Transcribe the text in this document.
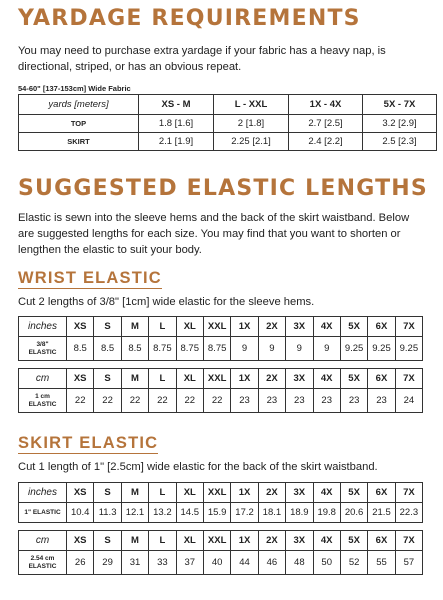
YARDAGE REQUIREMENTS

You may need to purchase extra yardage if your fabric has a heavy nap, is directional, striped, or has an obvious repeat.

54-60" [137-153cm] Wide Fabric

yards [meters]	XS - M	L - XXL	1X - 4X	5X - 7X
TOP	1.8 [1.6]	2 [1.8]	2.7 [2.5]	3.2 [2.9]
SKIRT	2.1 [1.9]	2.25 [2.1]	2.4 [2.2]	2.5 [2.3]
SUGGESTED ELASTIC LENGTHS

Elastic is sewn into the sleeve hems and the back of the skirt waistband. Below are suggested lengths for each size. You may find that you want to shorten or lengthen the elastic to suit your body.

WRIST ELASTIC

Cut 2 lengths of 3/8" [1cm] wide elastic for the sleeve hems.

inches	XS	S	M	L	XL	XXL	1X	2X	3X	4X	5X	6X	7X
3/8"
ELASTIC	8.5	8.5	8.5	8.75	8.75	8.75	9	9	9	9	9.25	9.25	9.25
cm	XS	S	M	L	XL	XXL	1X	2X	3X	4X	5X	6X	7X
1 cm
ELASTIC	22	22	22	22	22	22	23	23	23	23	23	23	24
SKIRT ELASTIC

Cut 1 length of 1" [2.5cm] wide elastic for the back of the skirt waistband.

inches	XS	S	M	L	XL	XXL	1X	2X	3X	4X	5X	6X	7X
1" ELASTIC	10.4	11.3	12.1	13.2	14.5	15.9	17.2	18.1	18.9	19.8	20.6	21.5	22.3
cm	XS	S	M	L	XL	XXL	1X	2X	3X	4X	5X	6X	7X
2.54 cm
ELASTIC	26	29	31	33	37	40	44	46	48	50	52	55	57
